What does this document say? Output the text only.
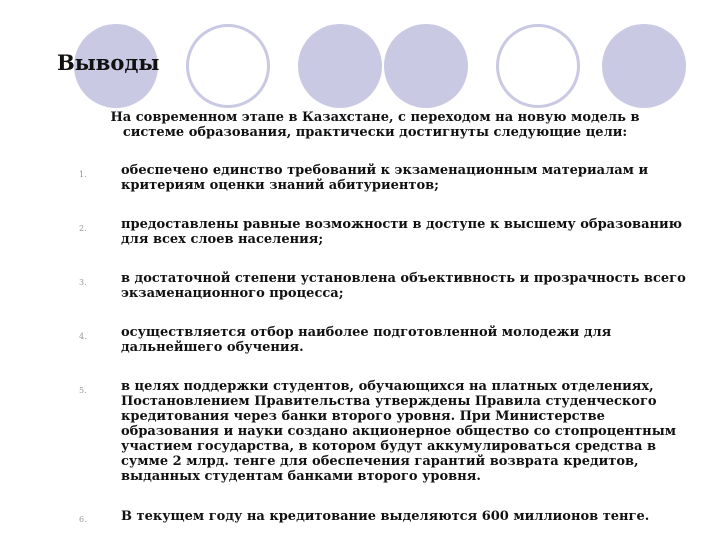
Выводы
На современном этапе в Казахстане, с переходом на новую модель в системе образования, практически достигнуты следующие цели:
1.	обеспечено единство требований к экзаменационным материалам и критериям оценки знаний абитуриентов;
2.	предоставлены равные возможности в доступе к высшему образованию для всех слоев населения;
3.	в достаточной степени установлена объективность и прозрачность всего экзаменационного процесса;
4.	осуществляется отбор наиболее подготовленной молодежи для дальнейшего обучения.
5.	в целях поддержки студентов, обучающихся на платных отделениях, Постановлением Правительства утверждены Правила студенческого кредитования через банки второго уровня. При Министерстве образования и науки создано акционерное общество со стопроцентным участием государства, в котором будут аккумулироваться средства в сумме 2 млрд. тенге для обеспечения гарантий возврата кредитов, выданных студентам банками второго уровня.
6.	В текущем году на кредитование выделяются 600 миллионов тенге.
